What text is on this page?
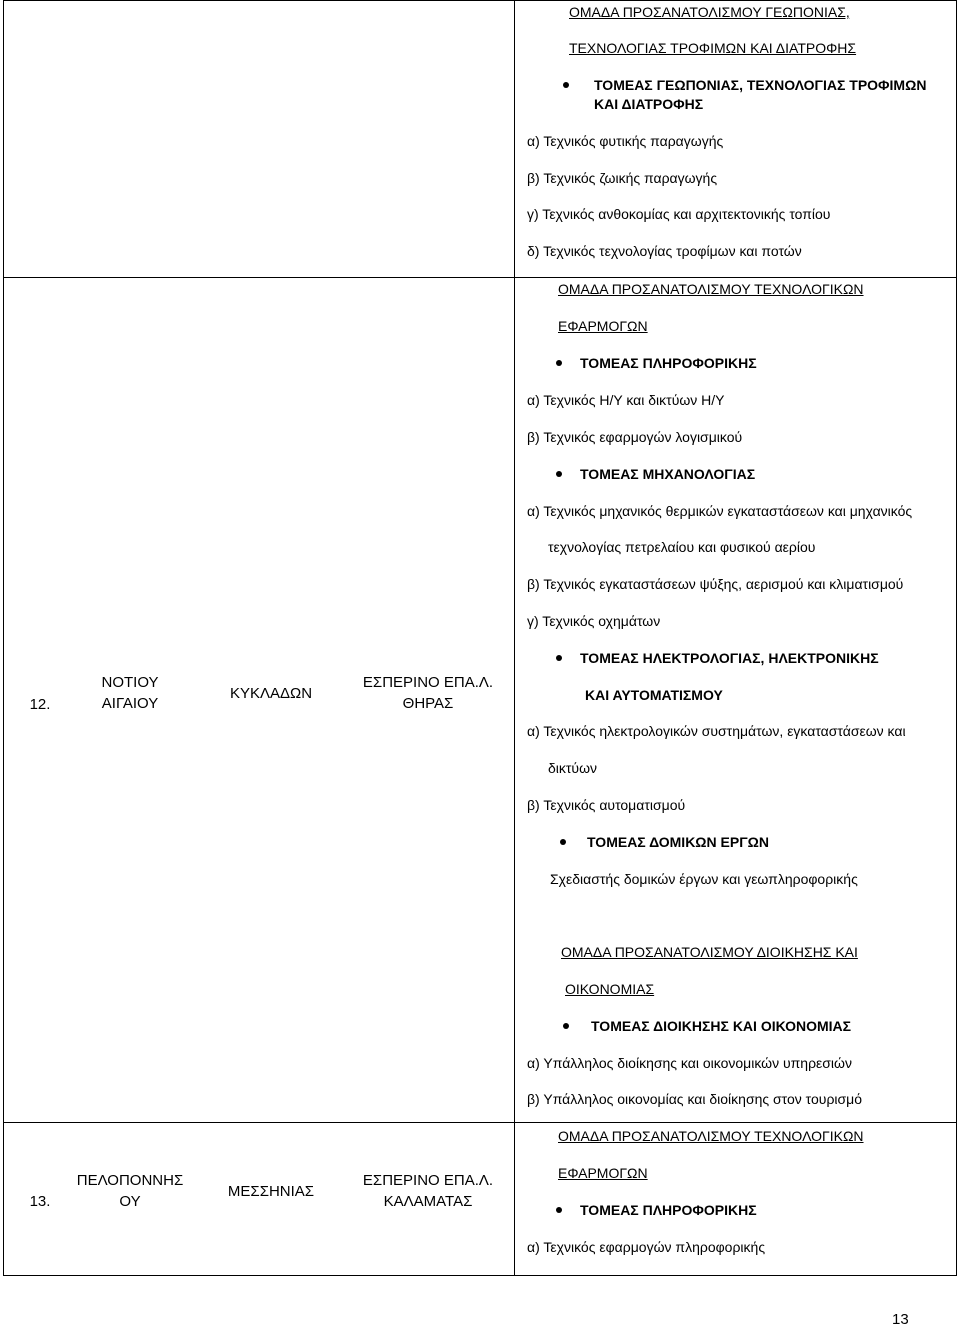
ΟΜΑΔΑ ΠΡΟΣΑΝΑΤΟΛΙΣΜΟΥ ΓΕΩΠΟΝΙΑΣ,
ΤΕΧΝΟΛΟΓΙΑΣ ΤΡΟΦΙΜΩΝ ΚΑΙ ΔΙΑΤΡΟΦΗΣ
ΤΟΜΕΑΣ ΓΕΩΠΟΝΙΑΣ, ΤΕΧΝΟΛΟΓΙΑΣ ΤΡΟΦΙΜΩΝ
ΚΑΙ ΔΙΑΤΡΟΦΗΣ
α) Τεχνικός φυτικής παραγωγής
β) Τεχνικός ζωικής παραγωγής
γ) Τεχνικός ανθοκομίας και αρχιτεκτονικής τοπίου
δ) Τεχνικός τεχνολογίας τροφίμων και ποτών
12.
ΝΟΤΙΟΥ
ΑΙΓΑΙΟΥ
ΚΥΚΛΑΔΩΝ
ΕΣΠΕΡΙΝΟ ΕΠΑ.Λ.
ΘΗΡΑΣ
ΟΜΑΔΑ ΠΡΟΣΑΝΑΤΟΛΙΣΜΟΥ ΤΕΧΝΟΛΟΓΙΚΩΝ
ΕΦΑΡΜΟΓΩΝ
ΤΟΜΕΑΣ ΠΛΗΡΟΦΟΡΙΚΗΣ
α) Τεχνικός Η/Υ και δικτύων Η/Υ
β) Τεχνικός εφαρμογών λογισμικού
ΤΟΜΕΑΣ ΜΗΧΑΝΟΛΟΓΙΑΣ
α) Τεχνικός μηχανικός θερμικών εγκαταστάσεων και μηχανικός
τεχνολογίας πετρελαίου και φυσικού αερίου
β) Τεχνικός εγκαταστάσεων ψύξης, αερισμού και κλιματισμού
γ) Τεχνικός οχημάτων
ΤΟΜΕΑΣ ΗΛΕΚΤΡΟΛΟΓΙΑΣ, ΗΛΕΚΤΡΟΝΙΚΗΣ
ΚΑΙ ΑΥΤΟΜΑΤΙΣΜΟΥ
α) Τεχνικός ηλεκτρολογικών συστημάτων, εγκαταστάσεων και
δικτύων
β) Τεχνικός αυτοματισμού
ΤΟΜΕΑΣ ΔΟΜΙΚΩΝ ΕΡΓΩΝ
Σχεδιαστής δομικών έργων και γεωπληροφορικής
ΟΜΑΔΑ ΠΡΟΣΑΝΑΤΟΛΙΣΜΟΥ ΔΙΟΙΚΗΣΗΣ ΚΑΙ
ΟΙΚΟΝΟΜΙΑΣ
ΤΟΜΕΑΣ ΔΙΟΙΚΗΣΗΣ ΚΑΙ ΟΙΚΟΝΟΜΙΑΣ
α) Υπάλληλος διοίκησης και οικονομικών υπηρεσιών
β) Υπάλληλος οικονομίας και διοίκησης στον τουρισμό
13.
ΠΕΛΟΠΟΝΝΗΣ
ΟΥ
ΜΕΣΣΗΝΙΑΣ
ΕΣΠΕΡΙΝΟ ΕΠΑ.Λ.
ΚΑΛΑΜΑΤΑΣ
ΟΜΑΔΑ ΠΡΟΣΑΝΑΤΟΛΙΣΜΟΥ ΤΕΧΝΟΛΟΓΙΚΩΝ
ΕΦΑΡΜΟΓΩΝ
ΤΟΜΕΑΣ ΠΛΗΡΟΦΟΡΙΚΗΣ
α) Τεχνικός εφαρμογών πληροφορικής
13
